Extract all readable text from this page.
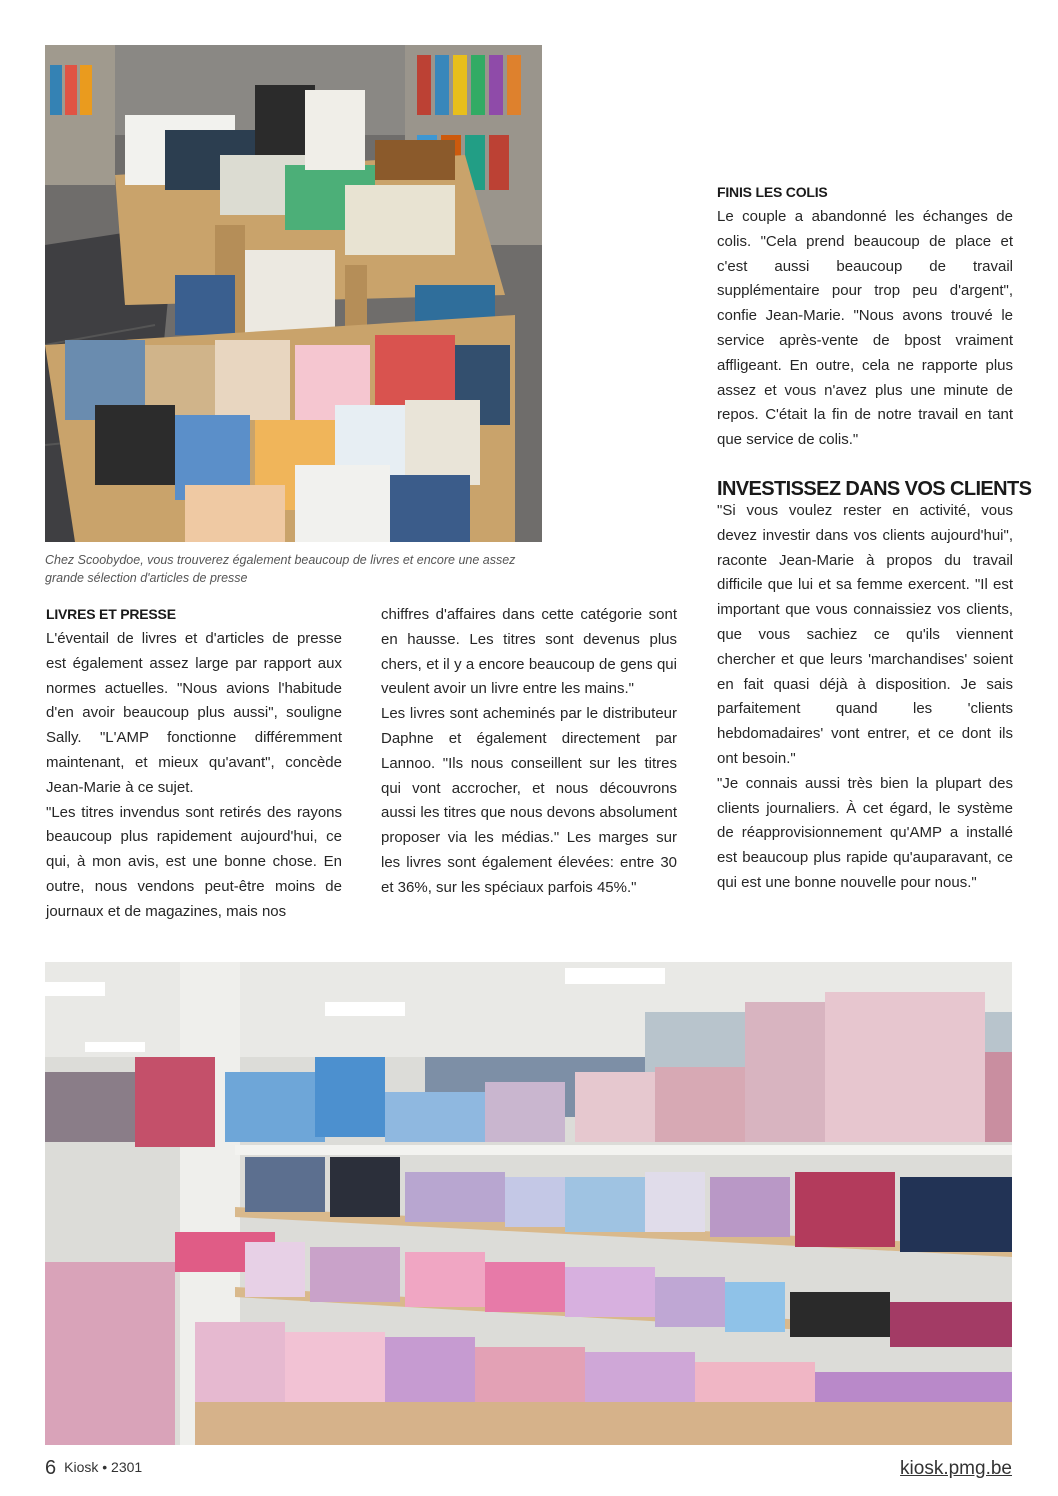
Chez Scoobydoe, vous trouverez également beaucoup de livres et encore une assez grande sélection d'articles de presse
LIVRES ET PRESSE

L'éventail de livres et d'articles de presse est également assez large par rapport aux normes actuelles. "Nous avions l'habitude d'en avoir beaucoup plus aussi", souligne Sally. "L'AMP fonctionne différemment maintenant, et mieux qu'avant", concède Jean-Marie à ce sujet.

"Les titres invendus sont retirés des rayons beaucoup plus rapidement aujourd'hui, ce qui, à mon avis, est une bonne chose. En outre, nous vendons peut-être moins de journaux et de magazines, mais nos

chiffres d'affaires dans cette catégorie sont en hausse. Les titres sont devenus plus chers, et il y a encore beaucoup de gens qui veulent avoir un livre entre les mains."

Les livres sont acheminés par le distributeur Daphne et également directement par Lannoo. "Ils nous conseillent sur les titres qui vont accrocher, et nous découvrons aussi les titres que nous devons absolument proposer via les médias." Les marges sur les livres sont également élevées: entre 30 et 36%, sur les spéciaux parfois 45%."

FINIS LES COLIS

Le couple a abandonné les échanges de colis. "Cela prend beaucoup de place et c'est aussi beaucoup de travail supplémentaire pour trop peu d'argent", confie Jean-Marie. "Nous avons trouvé le service après-vente de bpost vraiment affligeant. En outre, cela ne rapporte plus assez et vous n'avez plus une minute de repos. C'était la fin de notre travail en tant que service de colis."

INVESTISSEZ DANS VOS CLIENTS

"Si vous voulez rester en activité, vous devez investir dans vos clients aujourd'hui", raconte Jean-Marie à propos du travail difficile que lui et sa femme exercent. "Il est important que vous connaissiez vos clients, que vous sachiez ce qu'ils viennent chercher et que leurs 'marchandises' soient en fait quasi déjà à disposition. Je sais parfaitement quand les 'clients hebdomadaires' vont entrer, et ce dont ils ont besoin."

"Je connais aussi très bien la plupart des clients journaliers. À cet égard, le système de réapprovisionnement qu'AMP a installé est beaucoup plus rapide qu'auparavant, ce qui est une bonne nouvelle pour nous."

6 Kiosk • 2301	kiosk.pmg.be
